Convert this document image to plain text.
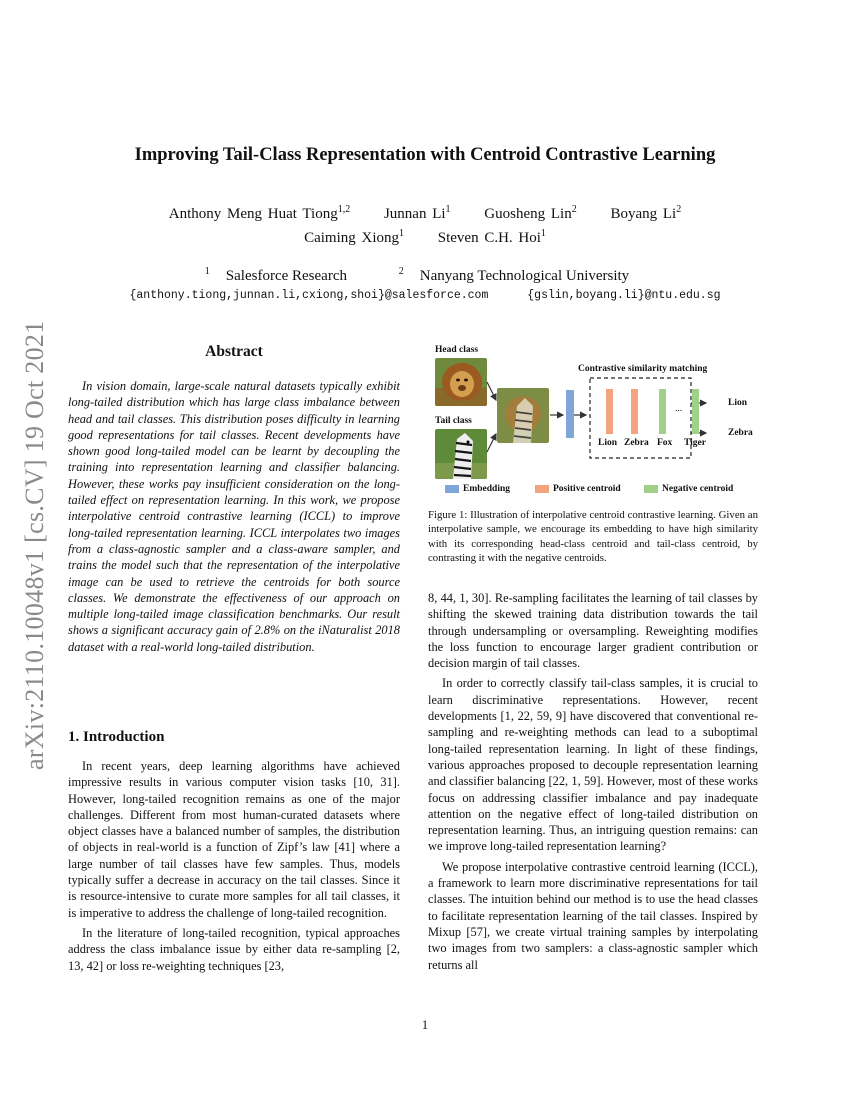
arXiv:2110.10048v1 [cs.CV] 19 Oct 2021
Improving Tail-Class Representation with Centroid Contrastive Learning
Anthony Meng Huat Tiong$^{1,2}$ Junnan Li$^1$ Guosheng Lin$^2$ Boyang Li$^2$
Caiming Xiong$^1$ Steven C.H. Hoi$^1$
$^1$ Salesforce Research	$^2$ Nanyang Technological University
{anthony.tiong,junnan.li,cxiong,shoi}@salesforce.com	{gslin,boyang.li}@ntu.edu.sg
Abstract

In vision domain, large-scale natural datasets typically exhibit long-tailed distribution which has large class imbalance between head and tail classes. This distribution poses difficulty in learning good representations for tail classes. Recent developments have shown good long-tailed model can be learnt by decoupling the training into representation learning and classifier balancing. However, these works pay insufficient consideration on the long-tailed effect on representation learning. In this work, we propose interpolative centroid contrastive learning (ICCL) to improve long-tailed representation learning. ICCL interpolates two images from a class-agnostic sampler and a class-aware sampler, and trains the model such that the representation of the interpolative image can be used to retrieve the centroids for both source classes. We demonstrate the effectiveness of our approach on multiple long-tailed image classification benchmarks. Our result shows a significant accuracy gain of 2.8% on the iNaturalist 2018 dataset with a real-world long-tailed distribution.

1. Introduction

In recent years, deep learning algorithms have achieved impressive results in various computer vision tasks [10, 31]. However, long-tailed recognition remains as one of the major challenges. Different from most human-curated datasets where object classes have a balanced number of samples, the distribution of objects in real-world is a function of Zipf’s law [41] where a large number of tail classes have few samples. Thus, models typically suffer a decrease in accuracy on the tail classes. Since it is resource-intensive to curate more samples for all tail classes, it is imperative to address the challenge of long-tailed recognition.

In the literature of long-tailed recognition, typical approaches address the class imbalance issue by either data re-sampling [2, 13, 42] or loss re-weighting techniques [23,

Head class
Tail class
Contrastive similarity matching
...
Lion Zebra Fox Tiger
Lion
Zebra
Embedding	Positive centroid	Negative centroid
Figure 1: Illustration of interpolative centroid contrastive learning. Given an interpolative sample, we encourage its embedding to have high similarity with its corresponding head-class centroid and tail-class centroid, by contrasting it with the negative centroids.

8, 44, 1, 30]. Re-sampling facilitates the learning of tail classes by shifting the skewed training data distribution towards the tail through undersampling or oversampling. Reweighting modifies the loss function to encourage larger gradient contribution or decision margin of tail classes.

In order to correctly classify tail-class samples, it is crucial to learn discriminative representations. However, recent developments [1, 22, 59, 9] have discovered that conventional re-sampling and re-weighting methods can lead to a suboptimal long-tailed representation learning. In light of these findings, various approaches proposed to decouple representation learning and classifier balancing [22, 1, 59]. However, most of these works focus on addressing classifier imbalance and pay inadequate attention on the negative effect of long-tailed distribution on representation learning. Thus, an intriguing question remains: can we improve long-tailed representation learning?

We propose interpolative contrastive centroid learning (ICCL), a framework to learn more discriminative representations for tail classes. The intuition behind our method is to use the head classes to facilitate representation learning of the tail classes. Inspired by Mixup [57], we create virtual training samples by interpolating two images from two samplers: a class-agnostic sampler which returns all

1
